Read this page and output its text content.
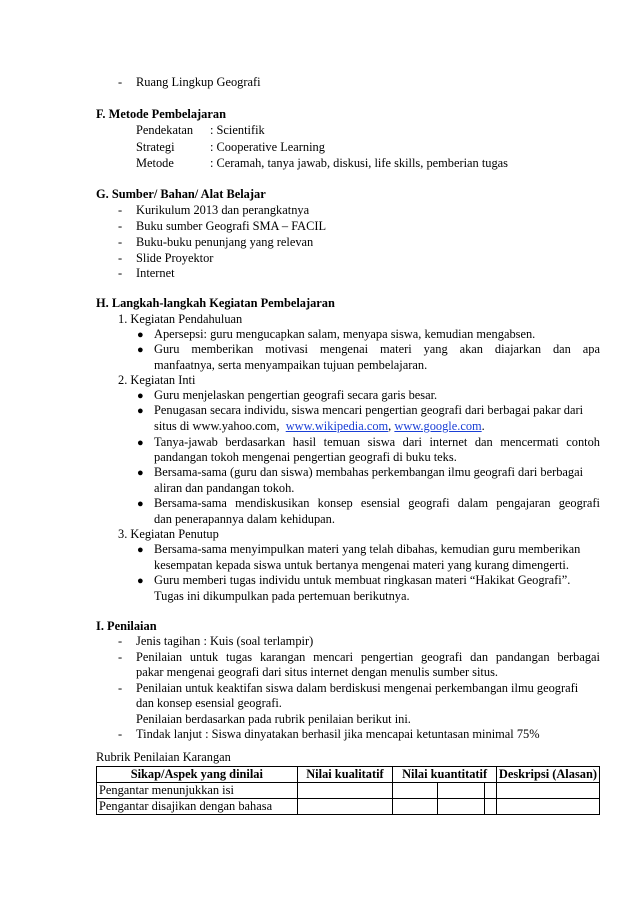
- Ruang Lingkup Geografi
F. Metode Pembelajaran
Pendekatan : Scientifik
Strategi	: Cooperative Learning
Metode	: Ceramah, tanya jawab, diskusi, life skills, pemberian tugas
G. Sumber/ Bahan/ Alat Belajar
- Kurikulum 2013 dan perangkatnya
- Buku sumber Geografi SMA – FACIL
- Buku-buku penunjang yang relevan
- Slide Proyektor
- Internet
H. Langkah-langkah Kegiatan Pembelajaran
1. Kegiatan Pendahuluan
● Apersepsi: guru mengucapkan salam, menyapa siswa, kemudian mengabsen.
● Guru memberikan motivasi mengenai materi yang akan diajarkan dan apa
manfaatnya, serta menyampaikan tujuan pembelajaran.
2. Kegiatan Inti
● Guru menjelaskan pengertian geografi secara garis besar.
● Penugasan secara individu, siswa mencari pengertian geografi dari berbagai pakar dari
situs di www.yahoo.com, www.wikipedia.com, www.google.com.
● Tanya-jawab berdasarkan hasil temuan siswa dari internet dan mencermati contoh
pandangan tokoh mengenai pengertian geografi di buku teks.
● Bersama-sama (guru dan siswa) membahas perkembangan ilmu geografi dari berbagai
aliran dan pandangan tokoh.
● Bersama-sama mendiskusikan konsep esensial geografi dalam pengajaran geografi
dan penerapannya dalam kehidupan.
3. Kegiatan Penutup
● Bersama-sama menyimpulkan materi yang telah dibahas, kemudian guru memberikan
kesempatan kepada siswa untuk bertanya mengenai materi yang kurang dimengerti.
● Guru memberi tugas individu untuk membuat ringkasan materi “Hakikat Geografi”.
Tugas ini dikumpulkan pada pertemuan berikutnya.
I. Penilaian
- Jenis tagihan : Kuis (soal terlampir)
- Penilaian untuk tugas karangan mencari pengertian geografi dan pandangan berbagai
pakar mengenai geografi dari situs internet dengan menulis sumber situs.
- Penilaian untuk keaktifan siswa dalam berdiskusi mengenai perkembangan ilmu geografi
dan konsep esensial geografi.
Penilaian berdasarkan pada rubrik penilaian berikut ini.
- Tindak lanjut : Siswa dinyatakan berhasil jika mencapai ketuntasan minimal 75%
Rubrik Penilaian Karangan
Sikap/Aspek yang dinilai	Nilai kualitatif	Nilai kuantitatif			Deskripsi (Alasan)
Pengantar menunjukkan isi					
Pengantar disajikan dengan bahasa					
